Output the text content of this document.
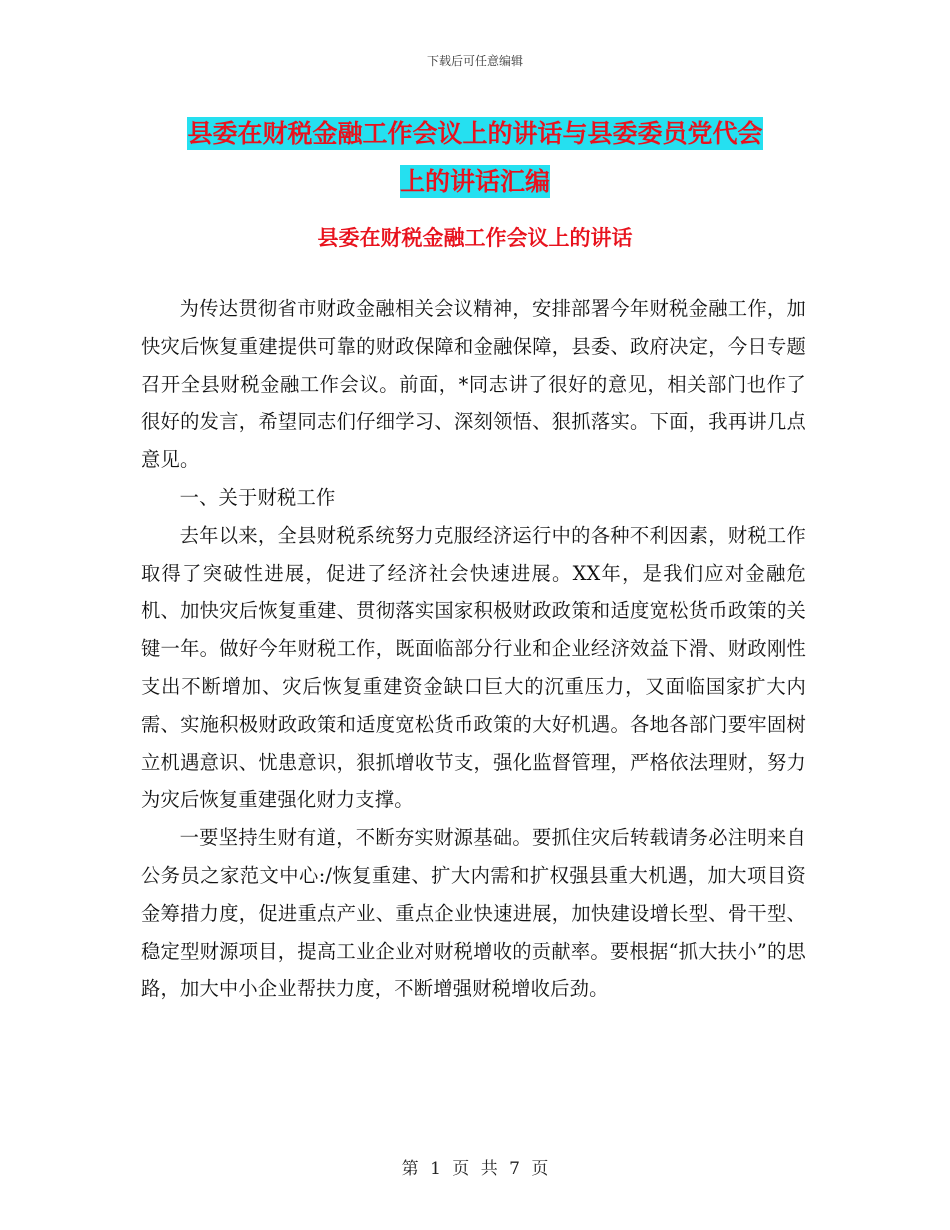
下载后可任意编辑
县委在财税金融工作会议上的讲话与县委委员党代会
上的讲话汇编
县委在财税金融工作会议上的讲话

为传达贯彻省市财政金融相关会议精神，安排部署今年财税金融工作，加快灾后恢复重建提供可靠的财政保障和金融保障，县委、政府决定，今日专题召开全县财税金融工作会议。前面，*同志讲了很好的意见，相关部门也作了很好的发言，希望同志们仔细学习、深刻领悟、狠抓落实。下面，我再讲几点意见。

一、关于财税工作

去年以来，全县财税系统努力克服经济运行中的各种不利因素，财税工作取得了突破性进展，促进了经济社会快速进展。XX年，是我们应对金融危机、加快灾后恢复重建、贯彻落实国家积极财政政策和适度宽松货币政策的关键一年。做好今年财税工作，既面临部分行业和企业经济效益下滑、财政刚性支出不断增加、灾后恢复重建资金缺口巨大的沉重压力，又面临国家扩大内需、实施积极财政政策和适度宽松货币政策的大好机遇。各地各部门要牢固树立机遇意识、忧患意识，狠抓增收节支，强化监督管理，严格依法理财，努力为灾后恢复重建强化财力支撑。

一要坚持生财有道，不断夯实财源基础。要抓住灾后转载请务必注明来自公务员之家范文中心:/恢复重建、扩大内需和扩权强县重大机遇，加大项目资金筹措力度，促进重点产业、重点企业快速进展，加快建设增长型、骨干型、稳定型财源项目，提高工业企业对财税增收的贡献率。要根据“抓大扶小”的思路，加大中小企业帮扶力度，不断增强财税增收后劲。

第 1 页 共 7 页
